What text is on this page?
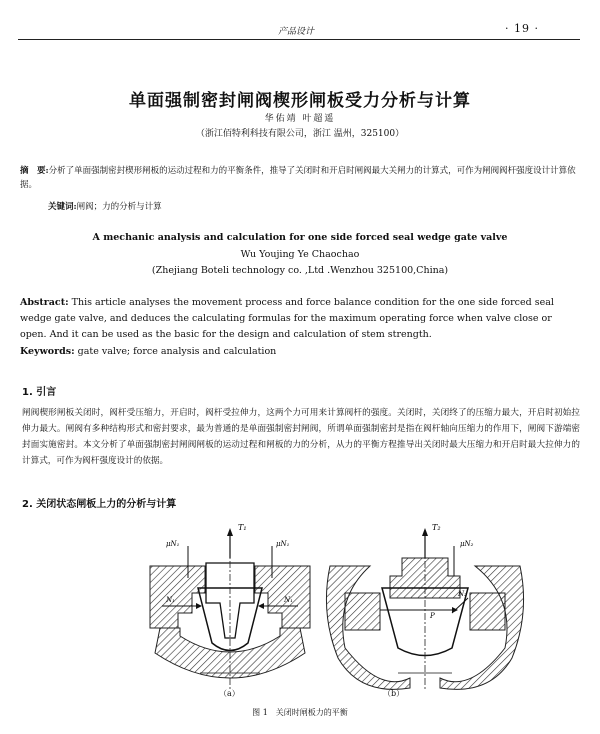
产品设计	· 19 ·
单面强制密封闸阀楔形闸板受力分析与计算
华佑靖 叶超遥
（浙江佰特利科技有限公司，浙江 温州，325100）
摘　要:分析了单面强制密封楔形闸板的运动过程和力的平衡条件，推导了关闭时和开启时闸阀最大关闸力的计算式，可作为闸阀阀杆强度设计计算依据。
关键词:闸阀；力的分析与计算
A mechanic analysis and calculation for one side forced seal wedge gate valve
Wu Youjing Ye Chaochao
(Zhejiang Boteli technology co. ,Ltd .Wenzhou 325100,China)
Abstract: This article analyses the movement process and force balance condition for the one side forced seal wedge gate valve, and deduces the calculating formulas for the maximum operating force when valve close or open. And it can be used as the basic for the design and calculation of stem strength.
Keywords: gate valve; force analysis and calculation
1. 引言
闸阀楔形闸板关闭时，阀杆受压缩力，开启时，阀杆受拉伸力，这两个力可用来计算阀杆的强度。关闭时，关闭终了的压缩力最大，开启时初始拉伸力最大。闸阀有多种结构形式和密封要求，最为普通的是单面强制密封闸阀，所谓单面强制密封是指在阀杆轴向压缩力的作用下，闸阀下游端密封面实施密封。本文分析了单面强制密封闸阀闸板的运动过程和闸板的力的分析，从力的平衡方程推导出关闭时最大压缩力和开启时最大拉伸力的计算式，可作为阀杆强度设计的依据。
2. 关闭状态闸板上力的分析与计算
T₁
μN₁	μN₁
N₁	N₁
T₂
μN₂
N₂
P
（a）	（b）
图 1　关闭时闸板力的平衡
